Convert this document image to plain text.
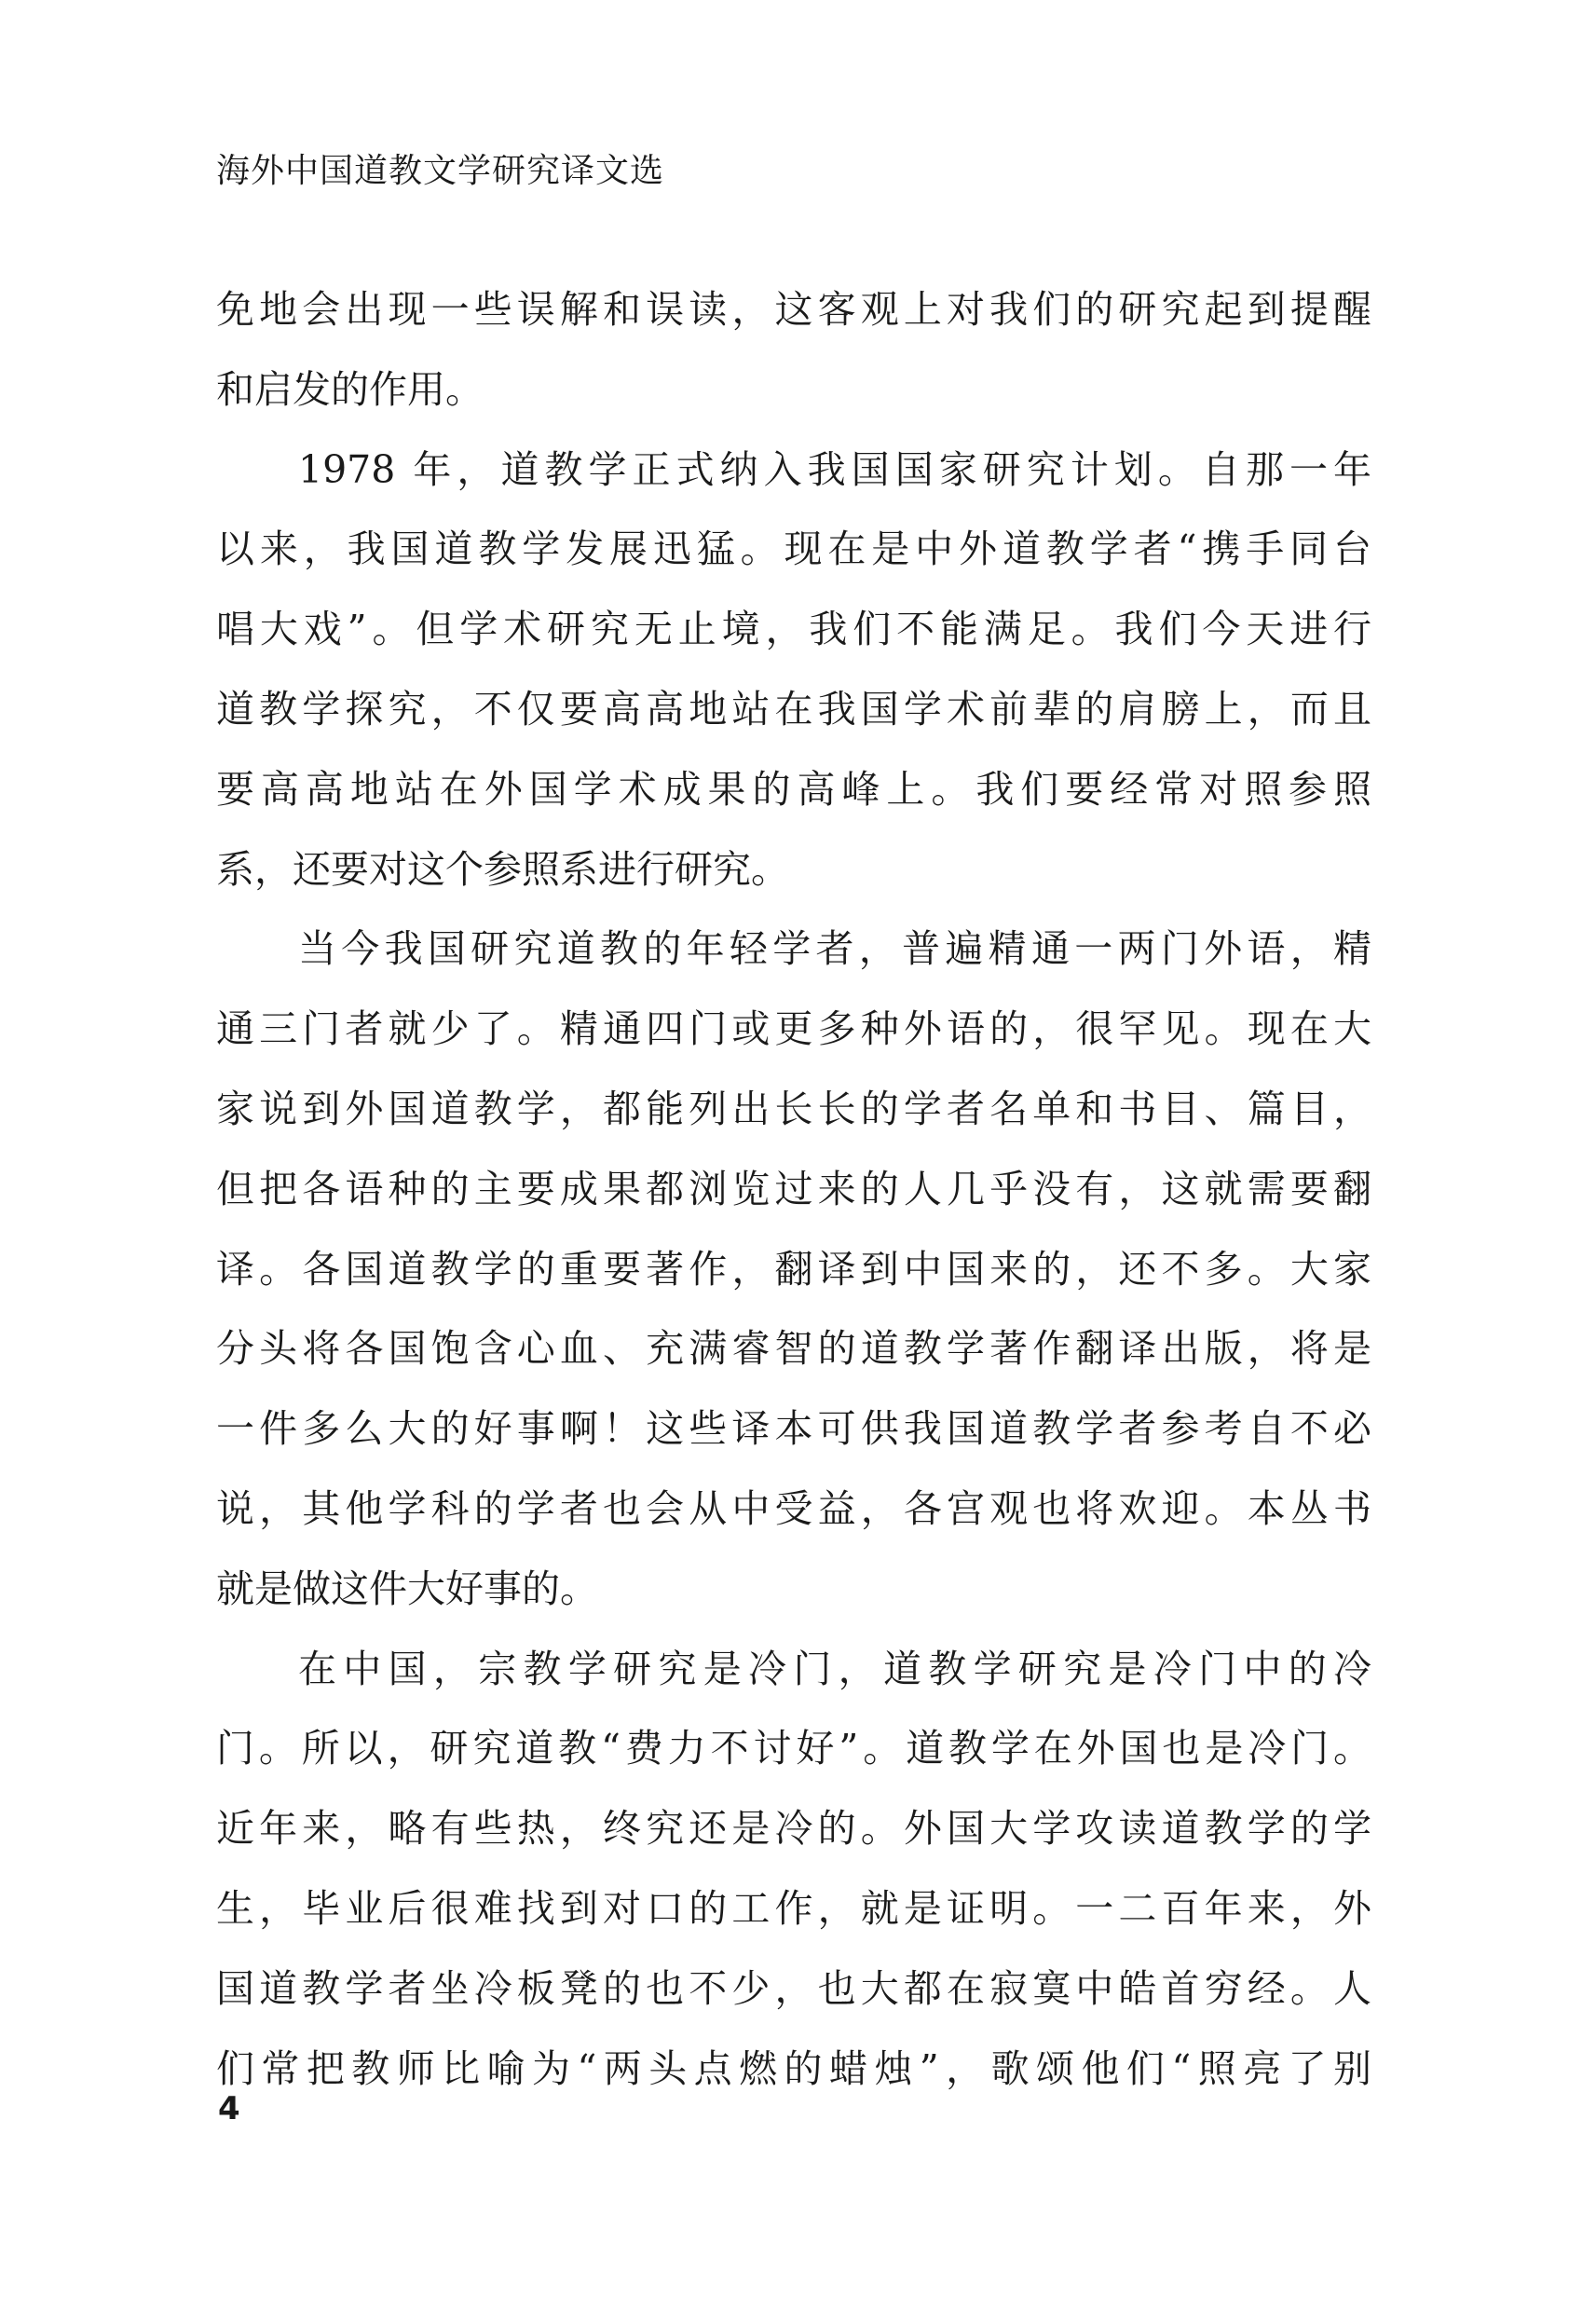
海外中国道教文学研究译文选
免地会出现一些误解和误读，这客观上对我们的研究起到提醒
和启发的作用。
1978 年，道教学正式纳入我国国家研究计划。自那一年
以来，我国道教学发展迅猛。现在是中外道教学者“携手同台
唱大戏”。但学术研究无止境，我们不能满足。我们今天进行
道教学探究，不仅要高高地站在我国学术前辈的肩膀上，而且
要高高地站在外国学术成果的高峰上。我们要经常对照参照
系，还要对这个参照系进行研究。
当今我国研究道教的年轻学者，普遍精通一两门外语，精
通三门者就少了。精通四门或更多种外语的，很罕见。现在大
家说到外国道教学，都能列出长长的学者名单和书目、篇目，
但把各语种的主要成果都浏览过来的人几乎没有，这就需要翻
译。各国道教学的重要著作，翻译到中国来的，还不多。大家
分头将各国饱含心血、充满睿智的道教学著作翻译出版，将是
一件多么大的好事啊！这些译本可供我国道教学者参考自不必
说，其他学科的学者也会从中受益，各宫观也将欢迎。本丛书
就是做这件大好事的。
在中国，宗教学研究是冷门，道教学研究是冷门中的冷
门。所以，研究道教“费力不讨好”。道教学在外国也是冷门。
近年来，略有些热，终究还是冷的。外国大学攻读道教学的学
生，毕业后很难找到对口的工作，就是证明。一二百年来，外
国道教学者坐冷板凳的也不少，也大都在寂寞中皓首穷经。人
们常把教师比喻为“两头点燃的蜡烛”，歌颂他们“照亮了别
4
